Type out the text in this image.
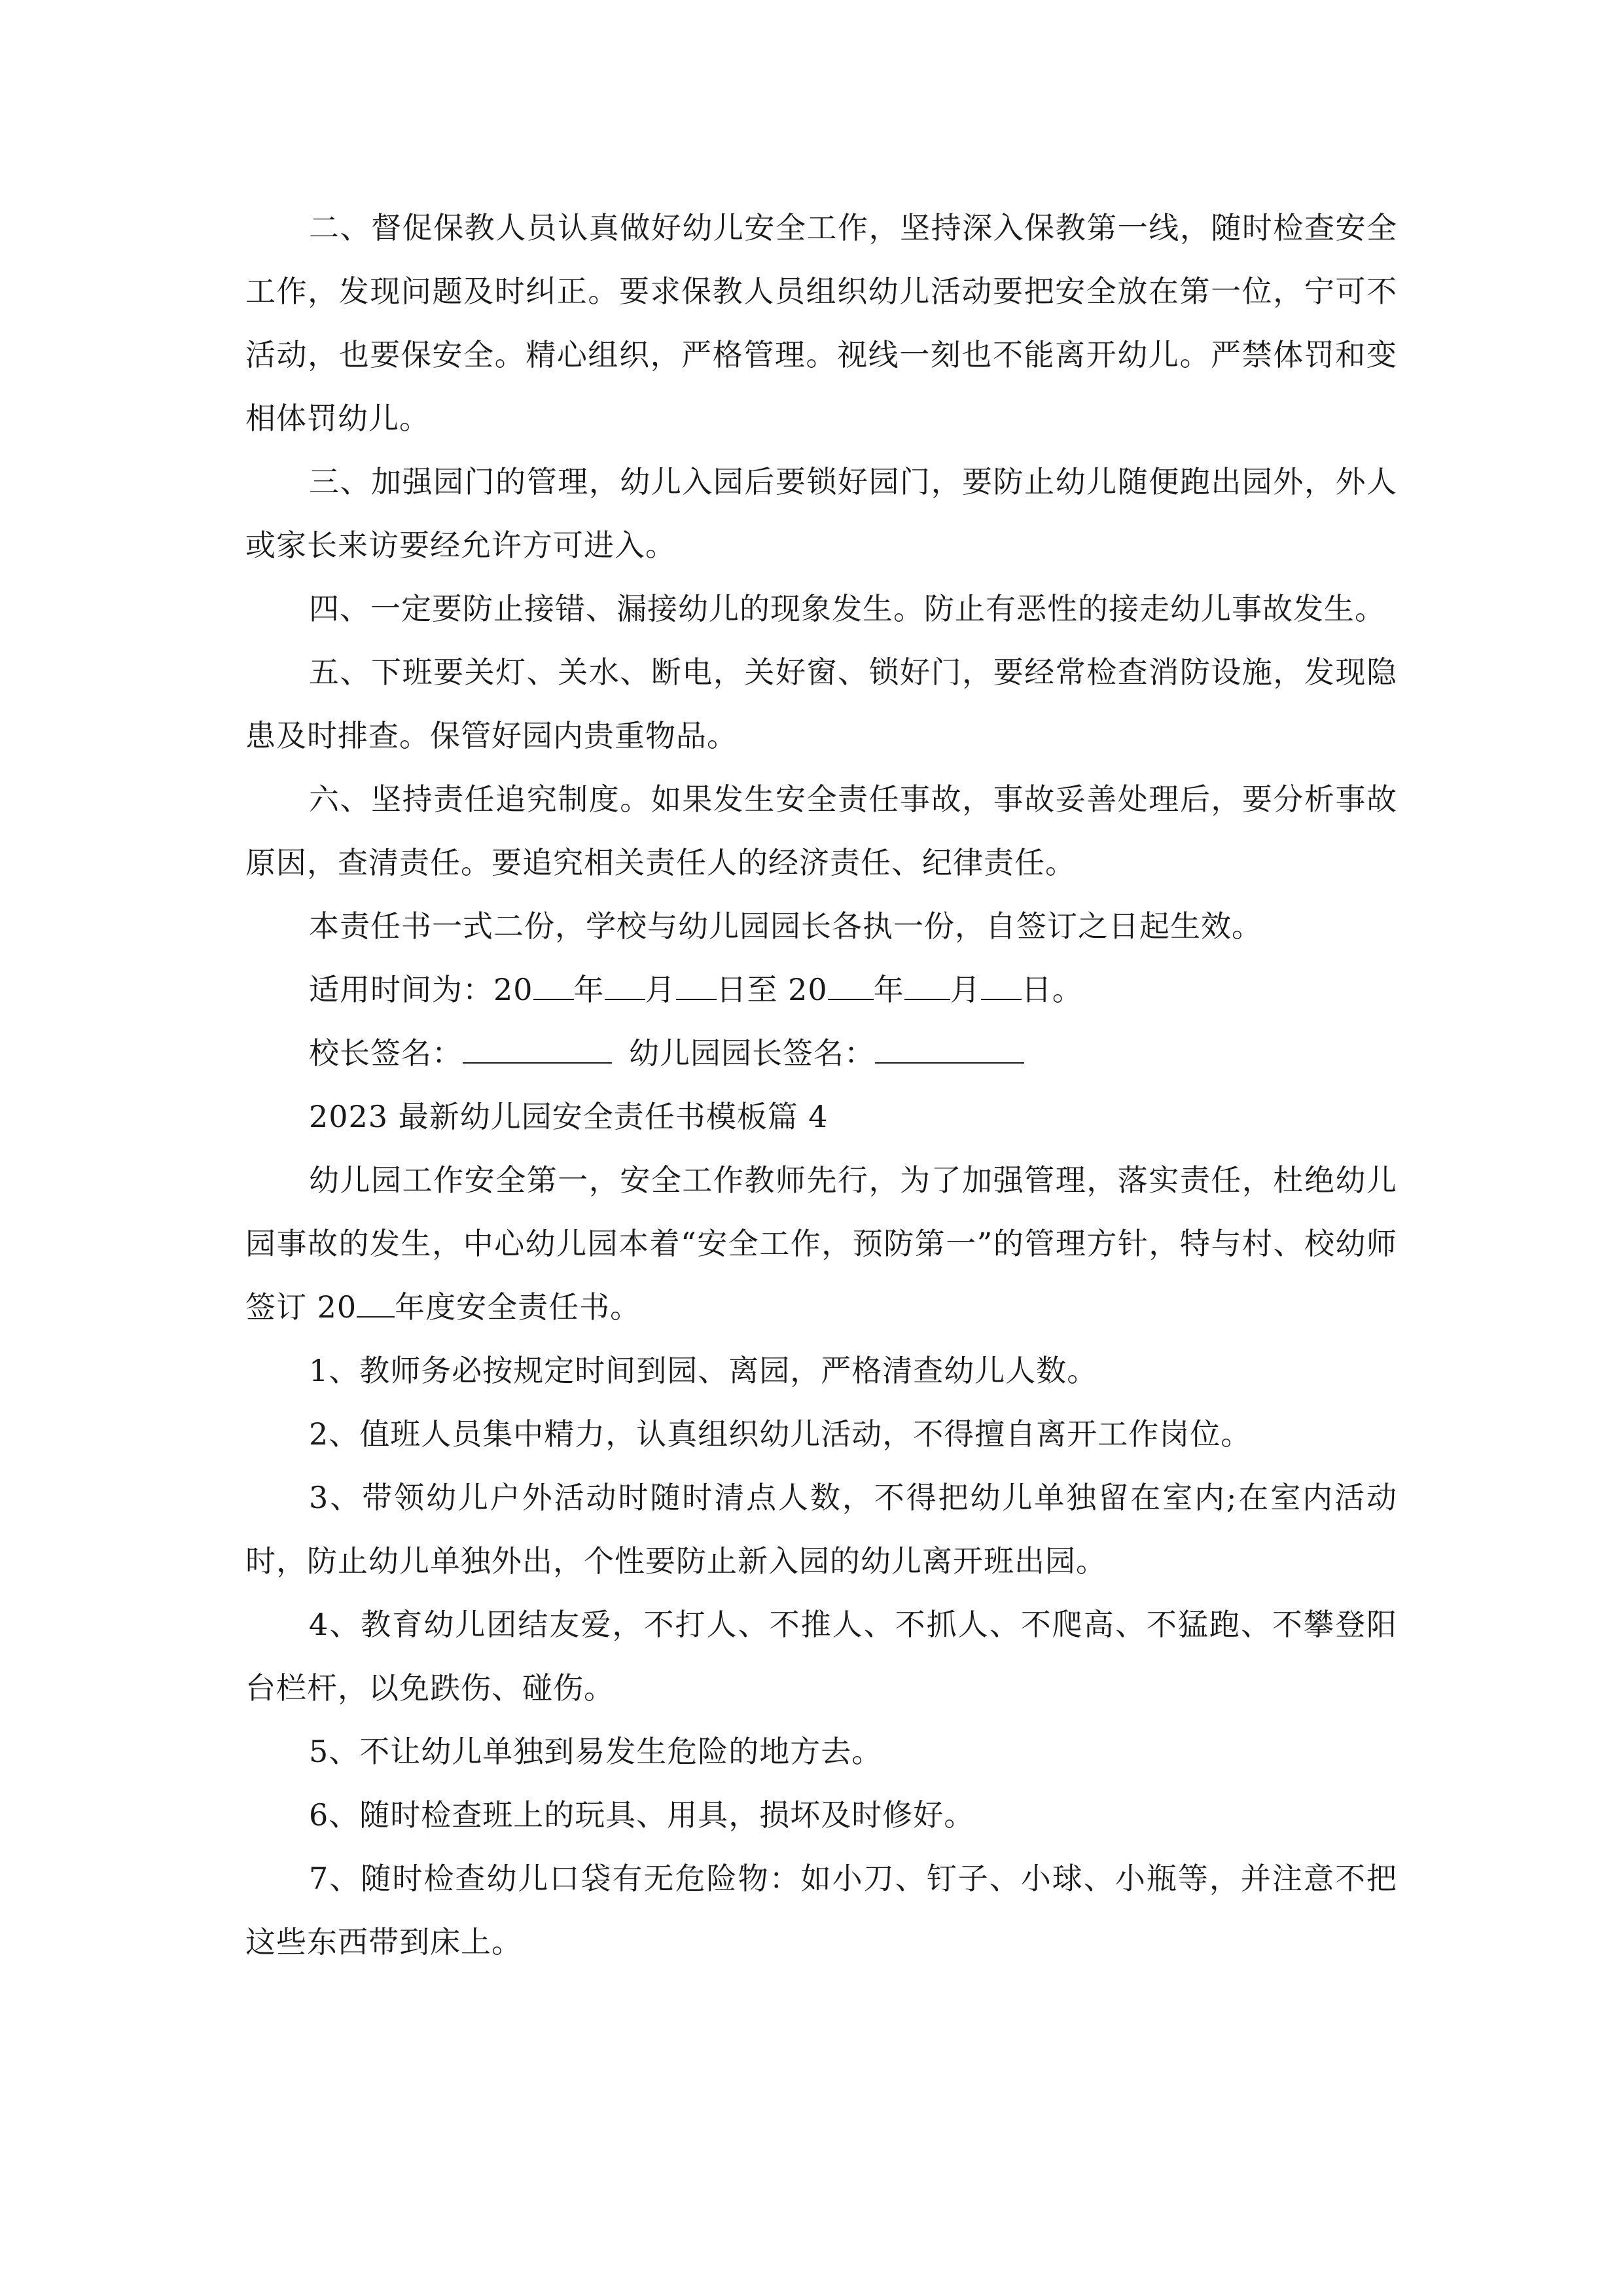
二、督促保教人员认真做好幼儿安全工作，坚持深入保教第一线，随时检查安全工作，发现问题及时纠正。要求保教人员组织幼儿活动要把安全放在第一位，宁可不活动，也要保安全。精心组织，严格管理。视线一刻也不能离开幼儿。严禁体罚和变相体罚幼儿。

三、加强园门的管理，幼儿入园后要锁好园门，要防止幼儿随便跑出园外，外人或家长来访要经允许方可进入。

四、一定要防止接错、漏接幼儿的现象发生。防止有恶性的接走幼儿事故发生。

五、下班要关灯、关水、断电，关好窗、锁好门，要经常检查消防设施，发现隐患及时排查。保管好园内贵重物品。

六、坚持责任追究制度。如果发生安全责任事故，事故妥善处理后，要分析事故原因，查清责任。要追究相关责任人的经济责任、纪律责任。

本责任书一式二份，学校与幼儿园园长各执一份，自签订之日起生效。

适用时间为：20 年 月 日至 20 年 月 日。

校长签名：	幼儿园园长签名：

2023 最新幼儿园安全责任书模板篇 4

幼儿园工作安全第一，安全工作教师先行，为了加强管理，落实责任，杜绝幼儿园事故的发生，中心幼儿园本着“安全工作，预防第一”的管理方针，特与村、校幼师签订 20 年度安全责任书。

1、教师务必按规定时间到园、离园，严格清查幼儿人数。

2、值班人员集中精力，认真组织幼儿活动，不得擅自离开工作岗位。

3、带领幼儿户外活动时随时清点人数，不得把幼儿单独留在室内;在室内活动时，防止幼儿单独外出，个性要防止新入园的幼儿离开班出园。

4、教育幼儿团结友爱，不打人、不推人、不抓人、不爬高、不猛跑、不攀登阳台栏杆，以免跌伤、碰伤。

5、不让幼儿单独到易发生危险的地方去。

6、随时检查班上的玩具、用具，损坏及时修好。

7、随时检查幼儿口袋有无危险物：如小刀、钉子、小球、小瓶等，并注意不把这些东西带到床上。
